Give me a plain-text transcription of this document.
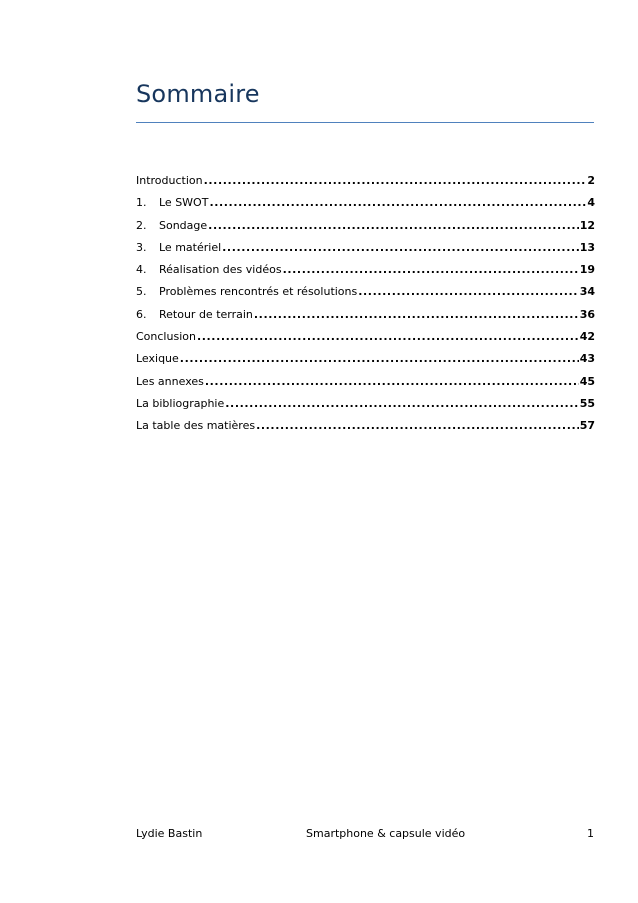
Sommaire
Introduction .....	2
1.	Le SWOT .....	4
2.	Sondage .....	12
3.	Le matériel .....	13
4.	Réalisation des vidéos .....	19
5.	Problèmes rencontrés et résolutions .....	34
6.	Retour de terrain .....	36
Conclusion .....	42
Lexique .....	43
Les annexes .....	45
La bibliographie .....	55
La table des matières .....	57
Lydie Bastin	Smartphone & capsule vidéo	1
